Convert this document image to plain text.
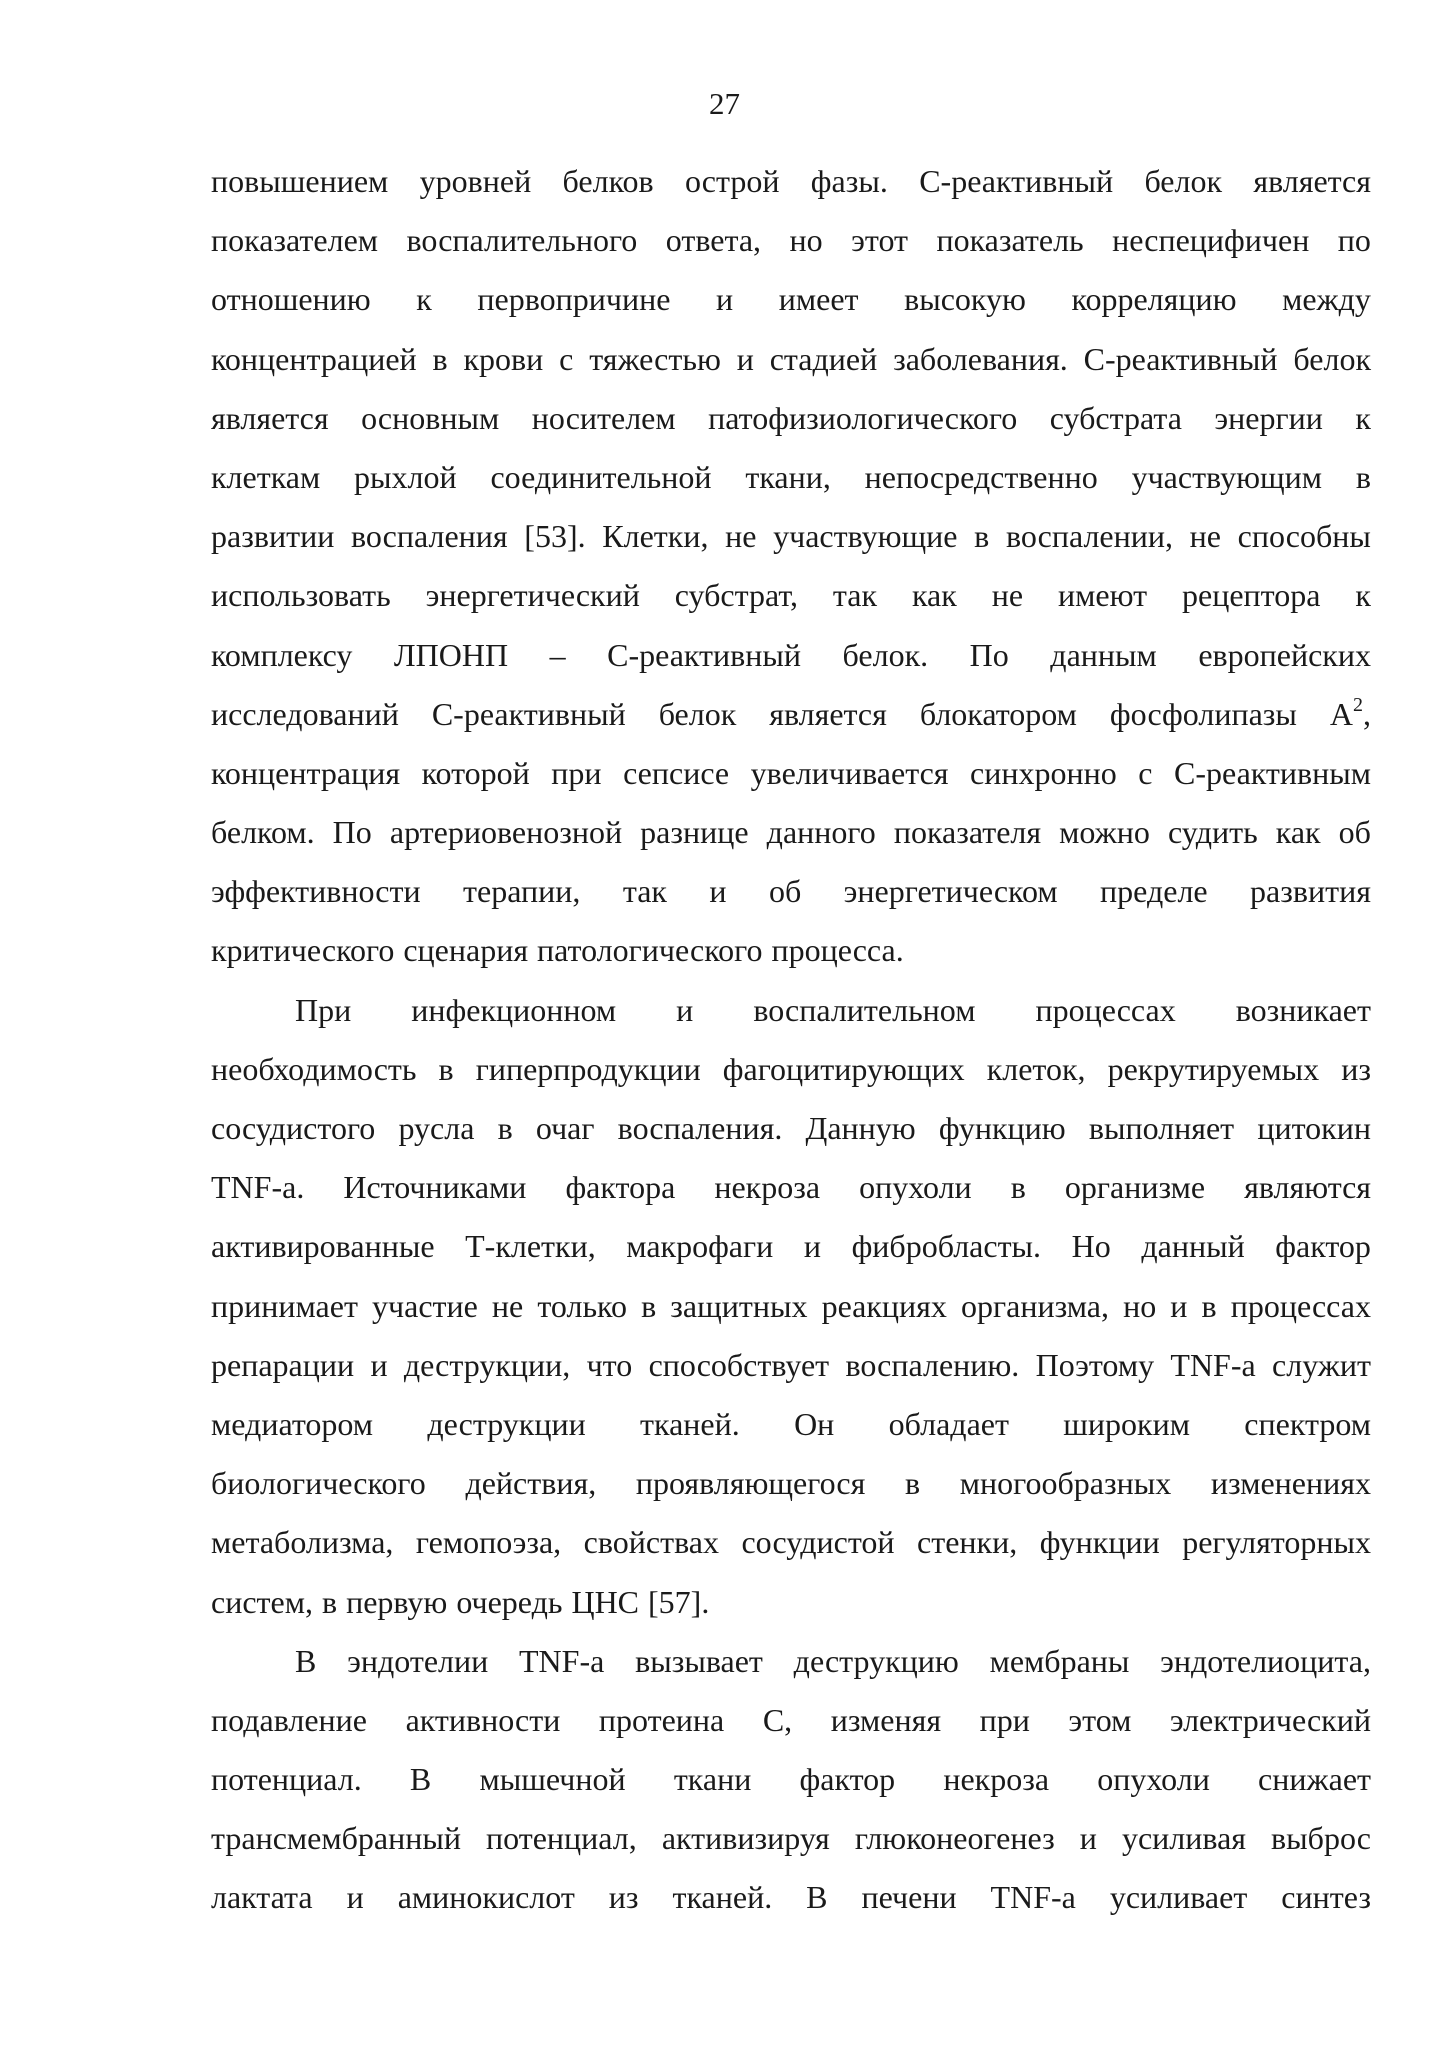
27
повышением уровней белков острой фазы. С-реактивный белок является
показателем воспалительного ответа, но этот показатель неспецифичен по
отношению к первопричине и имеет высокую корреляцию между
концентрацией в крови с тяжестью и стадией заболевания. С-реактивный белок
является основным носителем патофизиологического субстрата энергии к
клеткам рыхлой соединительной ткани, непосредственно участвующим в
развитии воспаления [53]. Клетки, не участвующие в воспалении, не способны
использовать энергетический субстрат, так как не имеют рецептора к
комплексу ЛПОНП – С-реактивный белок. По данным европейских
исследований С-реактивный белок является блокатором фосфолипазы $А^2$,
концентрация которой при сепсисе увеличивается синхронно с С-реактивным
белком. По артериовенозной разнице данного показателя можно судить как об
эффективности терапии, так и об энергетическом пределе развития
критического сценария патологического процесса.
При инфекционном и воспалительном процессах возникает
необходимость в гиперпродукции фагоцитирующих клеток, рекрутируемых из
сосудистого русла в очаг воспаления. Данную функцию выполняет цитокин
TNF-a. Источниками фактора некроза опухоли в организме являются
активированные Т-клетки, макрофаги и фибробласты. Но данный фактор
принимает участие не только в защитных реакциях организма, но и в процессах
репарации и деструкции, что способствует воспалению. Поэтому TNF-a служит
медиатором деструкции тканей. Он обладает широким спектром
биологического действия, проявляющегося в многообразных изменениях
метаболизма, гемопоэза, свойствах сосудистой стенки, функции регуляторных
систем, в первую очередь ЦНС [57].
В эндотелии TNF-a вызывает деструкцию мембраны эндотелиоцита,
подавление активности протеина С, изменяя при этом электрический
потенциал. В мышечной ткани фактор некроза опухоли снижает
трансмембранный потенциал, активизируя глюконеогенез и усиливая выброс
лактата и аминокислот из тканей. В печени TNF-a усиливает синтез
